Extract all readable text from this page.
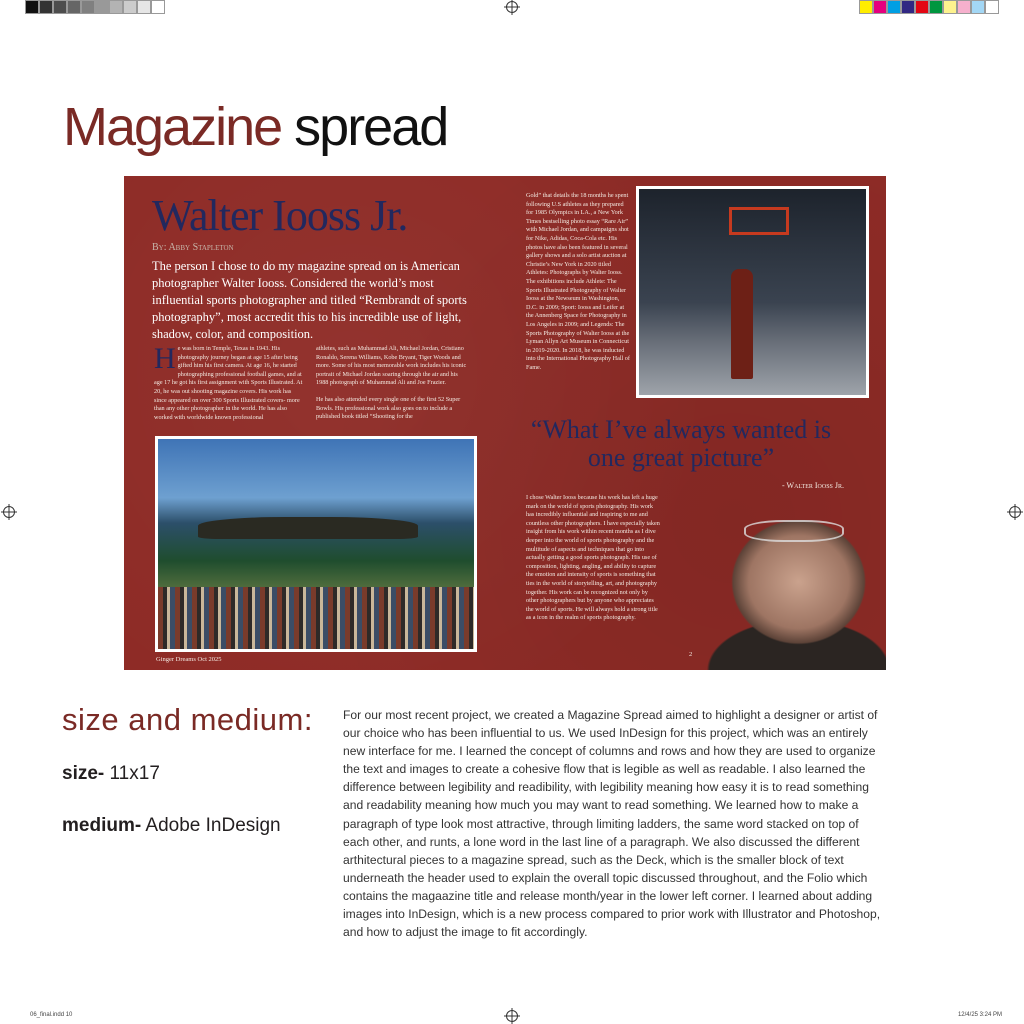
06_final.indd 10	12/4/25 3:24 PM
Magazine spread
Walter Iooss Jr.
By: Abby Stapleton
The person I chose to do my magazine spread on is American photographer Walter Iooss. Considered the world’s most influential sports photographer and titled “Rembrandt of sports photography”, most accredit this to his incredible use of light, shadow, color, and composition.
H e was born in Temple, Texas in 1943. His photography journey began at age 15 after being gifted him his first camera. At age 16, he started photographing professional football games, and at age 17 he got his first assignment with Sports Illustrated. At 20, he was out shooting magazine covers. His work has since appeared on over 300 Sports Illustrated covers- more than any other photographer in the world. He has also worked with worldwide known professional

athletes, such as Muhammad Ali, Michael Jordan, Cristiano Ronaldo, Serena Williams, Kobe Bryant, Tiger Woods and more. Some of his most memorable work includes his iconic portrait of Michael Jordan soaring through the air and his 1988 photograph of Muhammad Ali and Joe Frazier.

He has also attended every single one of the first 52 Super Bowls. His professional work also goes on to include a published book titled “Shooting for the

Gold” that details the 18 months he spent following U.S athletes as they prepared for 1985 Olympics in LA., a New York Times bestselling photo essay “Rare Air” with Michael Jordan, and campaigns shot for Nike, Adidas, Coca-Cola etc. His photos have also been featured in several gallery shows and a solo artist auction at Christie’s New York in 2020 titled Athletes: Photographs by Walter Iooss. The exhibitions include Athlete: The Sports Illustrated Photography of Walter Iooss at the Newseum in Washington, D.C. in 2009; Sport: Iooss and Leifer at the Annenberg Space for Photography in Los Angeles in 2009; and Legends: The Sports Photography of Walter Iooss at the Lyman Allyn Art Museum in Connecticut in 2019-2020. In 2018, he was inducted into the International Photography Hall of Fame.
“What I’ve always wanted is one great picture”
- Walter Iooss Jr.
I chose Walter Iooss because his work has left a huge mark on the world of sports photography. His work has incredibly influential and inspiring to me and countless other photographers. I have especially taken insight from his work within recent months as I dive deeper into the world of sports photography and the multitude of aspects and techniques that go into actually getting a good sports photograph. His use of composition, lighting, angling, and ability to capture the emotion and intensity of sports is something that ties in the world of storytelling, art, and photography together. His work can be recognized not only by other photographers but by anyone who appreciates the world of sports. He will always hold a strong title as a icon in the realm of sports photography.
Ginger Dreams Oct 2025
2
size and medium:
size- 11x17
medium- Adobe InDesign
For our most recent project, we created a Magazine Spread aimed to highlight a designer or artist of our choice who has been influential to us. We used InDesign for this project, which was an entirely new interface for me. I learned the concept of columns and rows and how they are used to organize the text and images to create a cohesive flow that is legible as well as readable. I also learned the difference between legibility and readibility, with legibility meaning how easy it is to read something and readability meaning how much you may want to read something. We learned how to make a paragraph of type look most attractive, through limiting ladders, the same word stacked on top of each other, and runts, a lone word in the last line of a paragraph. We also discussed the different arthitectural pieces to a magazine spread, such as the Deck, which is the smaller block of text underneath the header used to explain the overall topic discussed throughout, and the Folio which contains the magaazine title and release month/year in the lower left corner. I learned about adding images into InDesign, which is a new process compared to prior work with Illustrator and Photoshop, and how to adjust the image to fit accordingly.
